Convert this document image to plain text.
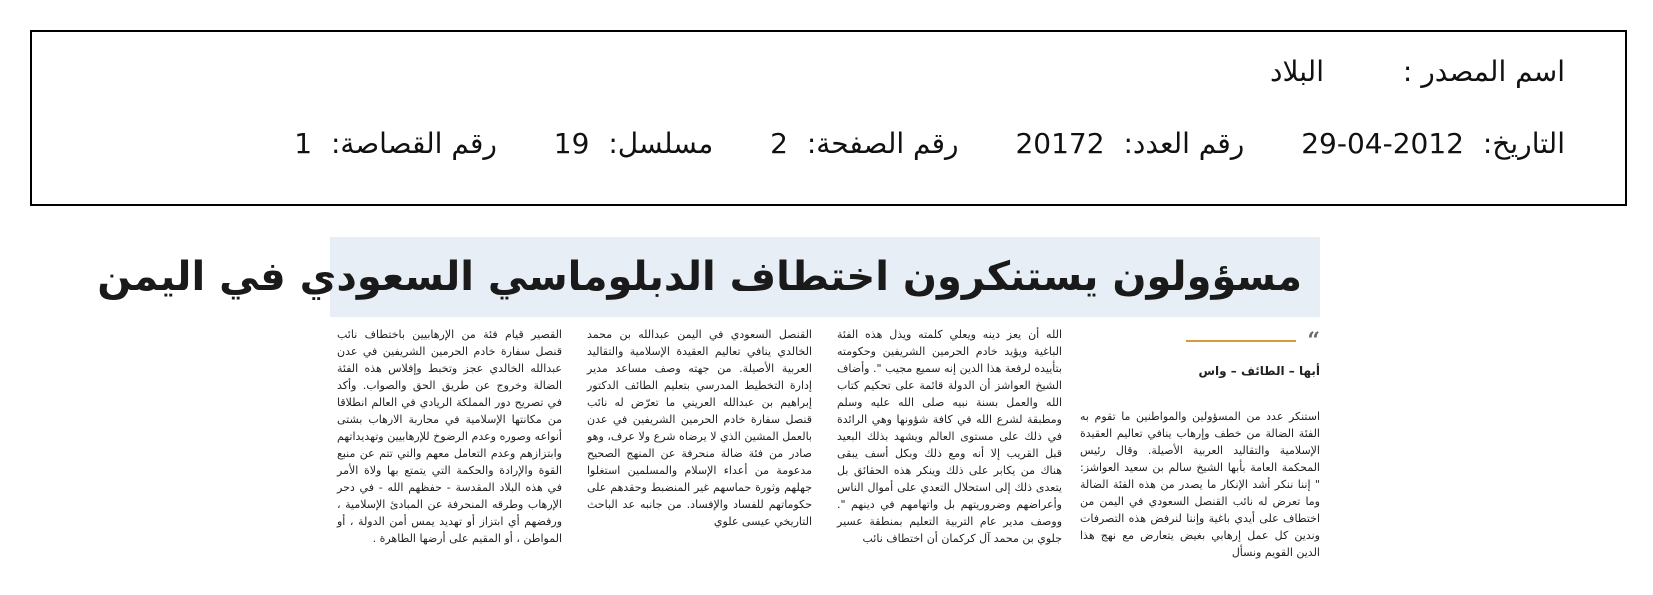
اسم المصدر : البلاد
التاريخ: 29-04-2012 رقم العدد: 20172 رقم الصفحة: 2 مسلسل: 19 رقم القصاصة: 1
مسؤولون يستنكرون اختطاف الدبلوماسي السعودي في اليمن
“
أبها – الطائف – واس

استنكر عدد من المسؤولين والمواطنين ما تقوم به الفئة الضالة من خطف وإرهاب ينافي تعاليم العقيدة الإسلامية والتقاليد العربية الأصيلة. وقال رئيس المحكمة العامة بأبها الشيخ سالم بن سعيد العواشز: " إننا ننكر أشد الإنكار ما يصدر من هذه الفئة الضالة وما تعرض له نائب القنصل السعودي في اليمن من اختطاف على أيدي باغية وإننا لنرفض هذه التصرفات وندين كل عمل إرهابي بغيض يتعارض مع نهج هذا الدين القويم ونسأل

الله أن يعز دينه ويعلي كلمته ويذل هذه الفئة الباغية ويؤيد خادم الحرمين الشريفين وحكومته بتأييده لرفعة هذا الدين إنه سميع مجيب ". وأضاف الشيخ العواشز أن الدولة قائمة على تحكيم كتاب الله والعمل بسنة نبيه صلى الله عليه وسلم ومطبقة لشرع الله في كافة شؤونها وهي الرائدة في ذلك على مستوى العالم ويشهد بذلك البعيد قبل القريب إلا أنه ومع ذلك وبكل أسف يبقى هناك من يكابر على ذلك وينكر هذه الحقائق بل يتعدى ذلك إلى استحلال التعدي على أموال الناس وأعراضهم وضروريتهم بل واتهامهم في دينهم ". ووصف مدير عام التربية التعليم بمنطقة عسير جلوي بن محمد آل كركمان أن اختطاف نائب

القنصل السعودي في اليمن عبدالله بن محمد الخالدي ينافي تعاليم العقيدة الإسلامية والتقاليد العربية الأصيلة. من جهته وصف مساعد مدير إدارة التخطيط المدرسي بتعليم الطائف الدكتور إبراهيم بن عبدالله العريني ما تعرّض له نائب قنصل سفارة خادم الحرمين الشريفين في عدن بالعمل المشين الذي لا يرضاه شرع ولا عرف، وهو صادر من فئة ضالة منحرفة عن المنهج الصحيح مدعومة من أعداء الإسلام والمسلمين استغلوا جهلهم وثورة حماسهم غير المنضبط وحقدهم على حكوماتهم للفساد والإفساد. من جانبه عد الباحث التاريخي عيسى علوي

القصير قيام فئة من الإرهابيين باختطاف نائب قنصل سفارة خادم الحرمين الشريفين في عدن عبدالله الخالدي عجز وتخبط وإفلاس هذه الفئة الضالة وخروج عن طريق الحق والصواب. وأكد في تصريح دور المملكة الريادي في العالم انطلاقا من مكانتها الإسلامية في محاربة الارهاب بشتى أنواعه وصوره وعدم الرضوخ للإرهابيين وتهديداتهم وابتزازهم وعدم التعامل معهم والتي تتم عن منبع القوة والإرادة والحكمة التي يتمتع بها ولاة الأمر في هذه البلاد المقدسة - حفظهم الله - في دحر الإرهاب وطرقه المنحرفة عن المبادئ الإسلامية ، ورفضهم أي ابتزاز أو تهديد يمس أمن الدولة ، أو المواطن ، أو المقيم على أرضها الطاهرة .
